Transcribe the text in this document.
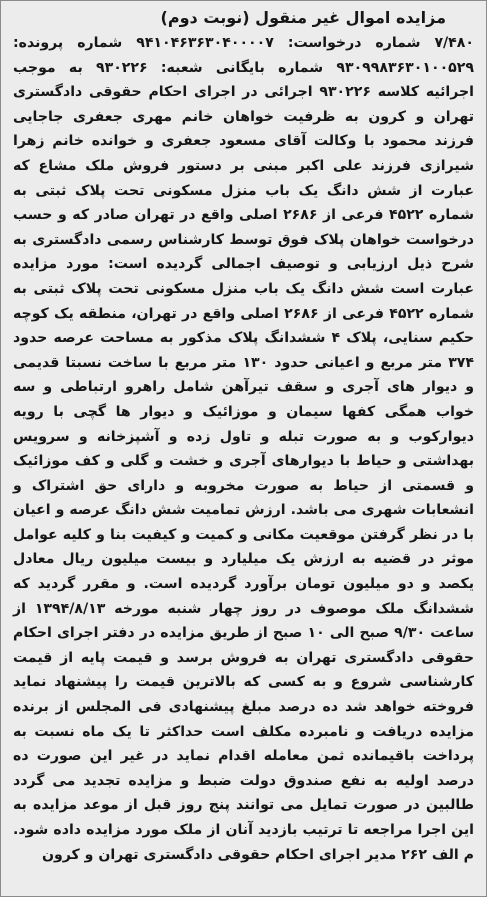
مزایده اموال غیر منقول (نوبت دوم)

۷/۴۸۰ شماره درخواست: ۹۴۱۰۴۶۳۶۳۰۴۰۰۰۰۷ شماره پرونده: ۹۳۰۹۹۸۳۶۳۰۱۰۰۵۲۹ شماره بایگانی شعبه: ۹۳۰۲۲۶ به موجب اجرائیه کلاسه ۹۳۰۲۲۶ اجرائی در اجرای احکام حقوقی دادگستری تهران و کرون به ظرفیت خواهان خانم مهری جعفری جاجایی فرزند محمود با وکالت آقای مسعود جعفری و خوانده خانم زهرا شیرازی فرزند علی اکبر مبنی بر دستور فروش ملک مشاع که عبارت از شش دانگ یک باب منزل مسکونی تحت پلاک ثبتی به شماره ۴۵۲۲ فرعی از ۲۶۸۶ اصلی واقع در تهران صادر که و حسب درخواست خواهان پلاک فوق توسط کارشناس رسمی دادگستری به شرح ذیل ارزیابی و توصیف اجمالی گردیده است: مورد مزایده عبارت است شش دانگ یک باب منزل مسکونی تحت پلاک ثبتی به شماره ۴۵۲۲ فرعی از ۲۶۸۶ اصلی واقع در تهران، منطقه یک کوچه حکیم سنایی، پلاک ۴ ششدانگ پلاک مذکور به مساحت عرصه حدود ۳۷۴ متر مربع و اعیانی حدود ۱۳۰ متر مربع با ساخت نسبتا قدیمی و دیوار های آجری و سقف تیرآهن شامل راهرو ارتباطی و سه خواب همگی کفها سیمان و موزائیک و دیوار ها گچی با رویه دیوارکوب و به صورت تبله و تاول زده و آشپزخانه و سرویس بهداشتی و حیاط با دیوارهای آجری و خشت و گلی و کف موزائیک و قسمتی از حیاط به صورت مخروبه و دارای حق اشتراک و انشعابات شهری می باشد. ارزش تمامیت شش دانگ عرصه و اعیان با در نظر گرفتن موقعیت مکانی و کمیت و کیفیت بنا و کلیه عوامل موثر در قضیه به ارزش یک میلیارد و بیست میلیون ریال معادل یکصد و دو میلیون تومان برآورد گردیده است. و مقرر گردید که ششدانگ ملک موصوف در روز چهار شنبه مورخه ۱۳۹۴/۸/۱۳ از ساعت ۹/۳۰ صبح الی ۱۰ صبح از طریق مزایده در دفتر اجرای احکام حقوقی دادگستری تهران به فروش برسد و قیمت پایه از قیمت کارشناسی شروع و به کسی که بالاترین قیمت را پیشنهاد نماید فروخته خواهد شد ده درصد مبلغ پیشنهادی فی المجلس از برنده مزایده دریافت و نامبرده مکلف است حداکثر تا یک ماه نسبت به پرداخت باقیمانده ثمن معامله اقدام نماید در غیر این صورت ده درصد اولیه به نفع صندوق دولت ضبط و مزایده تجدید می گردد طالبین در صورت تمایل می توانند پنج روز قبل از موعد مزایده به این اجرا مراجعه تا ترتیب بازدید آنان از ملک مورد مزایده داده شود. م الف ۲۶۲ مدیر اجرای احکام حقوقی دادگستری تهران و کرون
